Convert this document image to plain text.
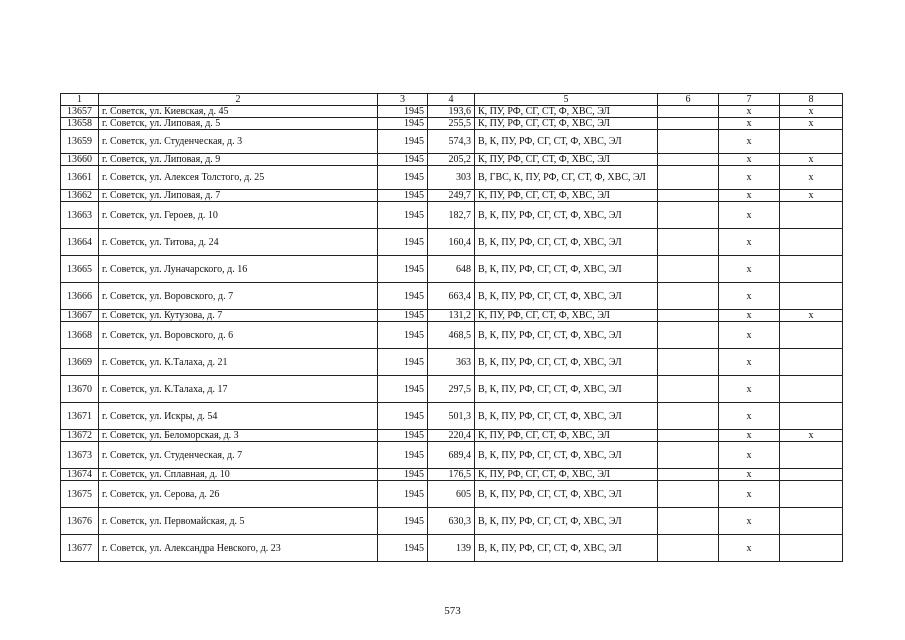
1	2	3	4	5	6	7	8
13657	г. Советск, ул. Киевская, д. 45	1945	193,6	К, ПУ, РФ, СГ, СТ, Ф, ХВС, ЭЛ		х	х
13658	г. Советск, ул. Липовая, д. 5	1945	255,5	К, ПУ, РФ, СГ, СТ, Ф, ХВС, ЭЛ		х	х
13659	г. Советск, ул. Студенческая, д. 3	1945	574,3	В, К, ПУ, РФ, СГ, СТ, Ф, ХВС, ЭЛ		х	
13660	г. Советск, ул. Липовая, д. 9	1945	205,2	К, ПУ, РФ, СГ, СТ, Ф, ХВС, ЭЛ		х	х
13661	г. Советск, ул. Алексея Толстого, д. 25	1945	303	В, ГВС, К, ПУ, РФ, СГ, СТ, Ф, ХВС, ЭЛ		х	х
13662	г. Советск, ул. Липовая, д. 7	1945	249,7	К, ПУ, РФ, СГ, СТ, Ф, ХВС, ЭЛ		х	х
13663	г. Советск, ул. Героев, д. 10	1945	182,7	В, К, ПУ, РФ, СГ, СТ, Ф, ХВС, ЭЛ		х	
13664	г. Советск, ул. Титова, д. 24	1945	160,4	В, К, ПУ, РФ, СГ, СТ, Ф, ХВС, ЭЛ		х	
13665	г. Советск, ул. Луначарского, д. 16	1945	648	В, К, ПУ, РФ, СГ, СТ, Ф, ХВС, ЭЛ		х	
13666	г. Советск, ул. Воровского, д. 7	1945	663,4	В, К, ПУ, РФ, СГ, СТ, Ф, ХВС, ЭЛ		х	
13667	г. Советск, ул. Кутузова, д. 7	1945	131,2	К, ПУ, РФ, СГ, СТ, Ф, ХВС, ЭЛ		х	х
13668	г. Советск, ул. Воровского, д. 6	1945	468,5	В, К, ПУ, РФ, СГ, СТ, Ф, ХВС, ЭЛ		х	
13669	г. Советск, ул. К.Талаха, д. 21	1945	363	В, К, ПУ, РФ, СГ, СТ, Ф, ХВС, ЭЛ		х	
13670	г. Советск, ул. К.Талаха, д. 17	1945	297,5	В, К, ПУ, РФ, СГ, СТ, Ф, ХВС, ЭЛ		х	
13671	г. Советск, ул. Искры, д. 54	1945	501,3	В, К, ПУ, РФ, СГ, СТ, Ф, ХВС, ЭЛ		х	
13672	г. Советск, ул. Беломорская, д. 3	1945	220,4	К, ПУ, РФ, СГ, СТ, Ф, ХВС, ЭЛ		х	х
13673	г. Советск, ул. Студенческая, д. 7	1945	689,4	В, К, ПУ, РФ, СГ, СТ, Ф, ХВС, ЭЛ		х	
13674	г. Советск, ул. Сплавная, д. 10	1945	176,5	К, ПУ, РФ, СГ, СТ, Ф, ХВС, ЭЛ		х	
13675	г. Советск, ул. Серова, д. 26	1945	605	В, К, ПУ, РФ, СГ, СТ, Ф, ХВС, ЭЛ		х	
13676	г. Советск, ул. Первомайская, д. 5	1945	630,3	В, К, ПУ, РФ, СГ, СТ, Ф, ХВС, ЭЛ		х	
13677	г. Советск, ул. Александра Невского, д. 23	1945	139	В, К, ПУ, РФ, СГ, СТ, Ф, ХВС, ЭЛ		х	
573
